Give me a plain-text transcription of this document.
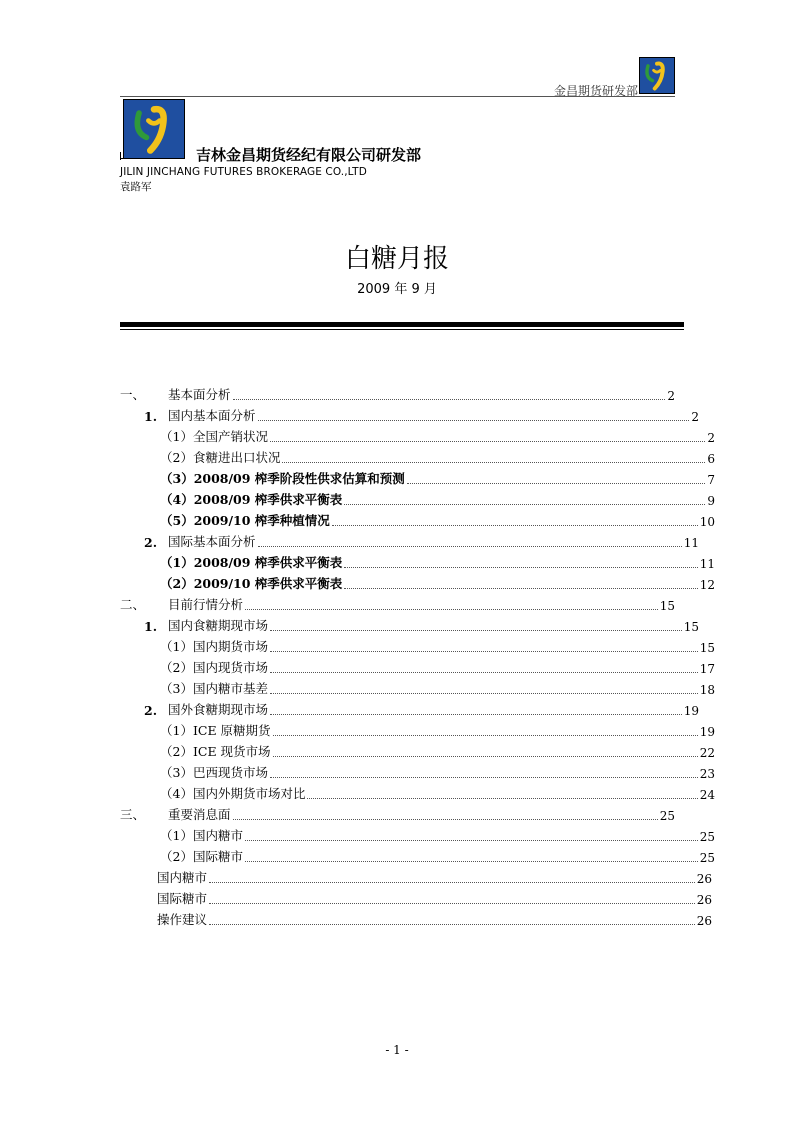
金昌期货研发部
吉林金昌期货经纪有限公司研发部
JILIN JINCHANG FUTURES BROKERAGE CO.,LTD
袁路军
白糖月报
2009 年 9 月
一、	基本面分析	2
1. 国内基本面分析	2
（1）全国产销状况	2
（2）食糖进出口状况	6
（3）2008/09 榨季阶段性供求估算和预测	7
（4）2008/09 榨季供求平衡表	9
（5）2009/10 榨季种植情况	10
2. 国际基本面分析	11
（1）2008/09 榨季供求平衡表	11
（2）2009/10 榨季供求平衡表	12
二、	目前行情分析	15
1. 国内食糖期现市场	15
（1）国内期货市场	15
（2）国内现货市场	17
（3）国内糖市基差	18
2. 国外食糖期现市场	19
（1）ICE 原糖期货	19
（2）ICE 现货市场	22
（3）巴西现货市场	23
（4）国内外期货市场对比	24
三、	重要消息面	25
（1）国内糖市	25
（2）国际糖市	25
国内糖市	26
国际糖市	26
操作建议	26
- 1 -
